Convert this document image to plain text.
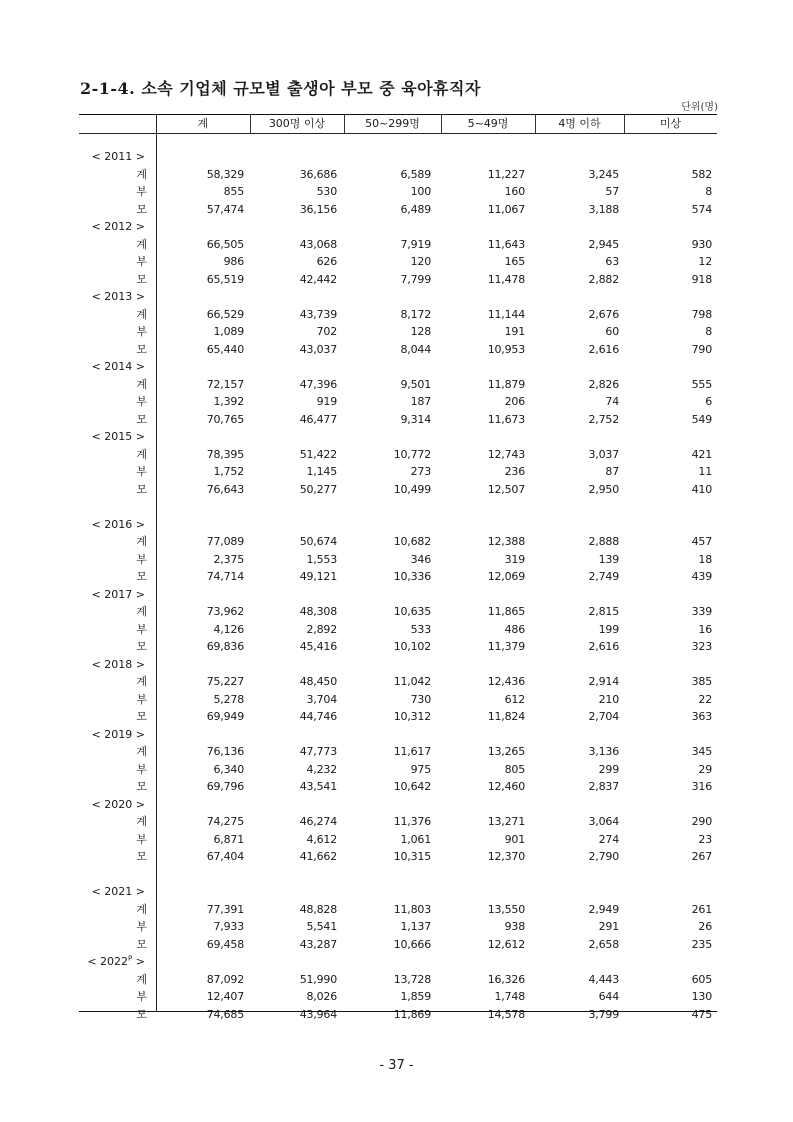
2-1-4. 소속 기업체 규모별 출생아 부모 중 육아휴직자
단위(명)
계	300명 이상	50~299명	5~49명	4명 이하	미상
< 2011 >
계	58,329	36,686	6,589	11,227	3,245	582
부	855	530	100	160	57	8
모	57,474	36,156	6,489	11,067	3,188	574
< 2012 >
계	66,505	43,068	7,919	11,643	2,945	930
부	986	626	120	165	63	12
모	65,519	42,442	7,799	11,478	2,882	918
< 2013 >
계	66,529	43,739	8,172	11,144	2,676	798
부	1,089	702	128	191	60	8
모	65,440	43,037	8,044	10,953	2,616	790
< 2014 >
계	72,157	47,396	9,501	11,879	2,826	555
부	1,392	919	187	206	74	6
모	70,765	46,477	9,314	11,673	2,752	549
< 2015 >
계	78,395	51,422	10,772	12,743	3,037	421
부	1,752	1,145	273	236	87	11
모	76,643	50,277	10,499	12,507	2,950	410
< 2016 >
계	77,089	50,674	10,682	12,388	2,888	457
부	2,375	1,553	346	319	139	18
모	74,714	49,121	10,336	12,069	2,749	439
< 2017 >
계	73,962	48,308	10,635	11,865	2,815	339
부	4,126	2,892	533	486	199	16
모	69,836	45,416	10,102	11,379	2,616	323
< 2018 >
계	75,227	48,450	11,042	12,436	2,914	385
부	5,278	3,704	730	612	210	22
모	69,949	44,746	10,312	11,824	2,704	363
< 2019 >
계	76,136	47,773	11,617	13,265	3,136	345
부	6,340	4,232	975	805	299	29
모	69,796	43,541	10,642	12,460	2,837	316
< 2020 >
계	74,275	46,274	11,376	13,271	3,064	290
부	6,871	4,612	1,061	901	274	23
모	67,404	41,662	10,315	12,370	2,790	267
< 2021 >
계	77,391	48,828	11,803	13,550	2,949	261
부	7,933	5,541	1,137	938	291	26
모	69,458	43,287	10,666	12,612	2,658	235
< $2022^P$ >
계	87,092	51,990	13,728	16,326	4,443	605
부	12,407	8,026	1,859	1,748	644	130
모	74,685	43,964	11,869	14,578	3,799	475
- 37 -
